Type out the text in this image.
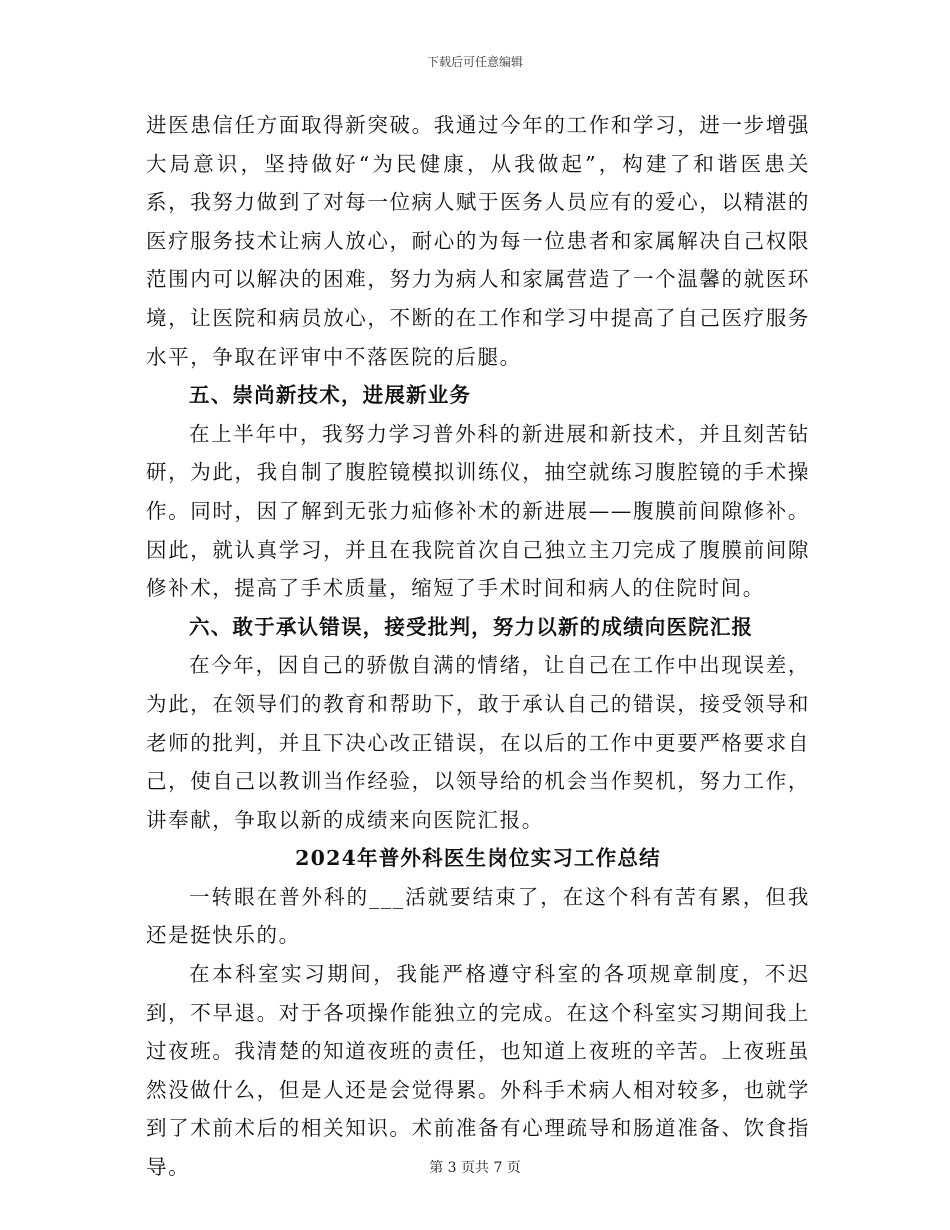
下载后可任意编辑

进医患信任方面取得新突破。我通过今年的工作和学习，进一步增强大局意识，坚持做好“为民健康，从我做起”，构建了和谐医患关系，我努力做到了对每一位病人赋于医务人员应有的爱心，以精湛的医疗服务技术让病人放心，耐心的为每一位患者和家属解决自己权限范围内可以解决的困难，努力为病人和家属营造了一个温馨的就医环境，让医院和病员放心，不断的在工作和学习中提高了自己医疗服务水平，争取在评审中不落医院的后腿。

五、崇尚新技术，进展新业务

在上半年中，我努力学习普外科的新进展和新技术，并且刻苦钻研，为此，我自制了腹腔镜模拟训练仪，抽空就练习腹腔镜的手术操作。同时，因了解到无张力疝修补术的新进展——腹膜前间隙修补。因此，就认真学习，并且在我院首次自己独立主刀完成了腹膜前间隙修补术，提高了手术质量，缩短了手术时间和病人的住院时间。

六、敢于承认错误，接受批判，努力以新的成绩向医院汇报

在今年，因自己的骄傲自满的情绪，让自己在工作中出现误差，为此，在领导们的教育和帮助下，敢于承认自己的错误，接受领导和老师的批判，并且下决心改正错误，在以后的工作中更要严格要求自己，使自己以教训当作经验，以领导给的机会当作契机，努力工作，讲奉献，争取以新的成绩来向医院汇报。

2024年普外科医生岗位实习工作总结

一转眼在普外科的___活就要结束了，在这个科有苦有累，但我还是挺快乐的。

在本科室实习期间，我能严格遵守科室的各项规章制度，不迟到，不早退。对于各项操作能独立的完成。在这个科室实习期间我上过夜班。我清楚的知道夜班的责任，也知道上夜班的辛苦。上夜班虽然没做什么，但是人还是会觉得累。外科手术病人相对较多，也就学到了术前术后的相关知识。术前准备有心理疏导和肠道准备、饮食指导。	第 3 页共 7 页
